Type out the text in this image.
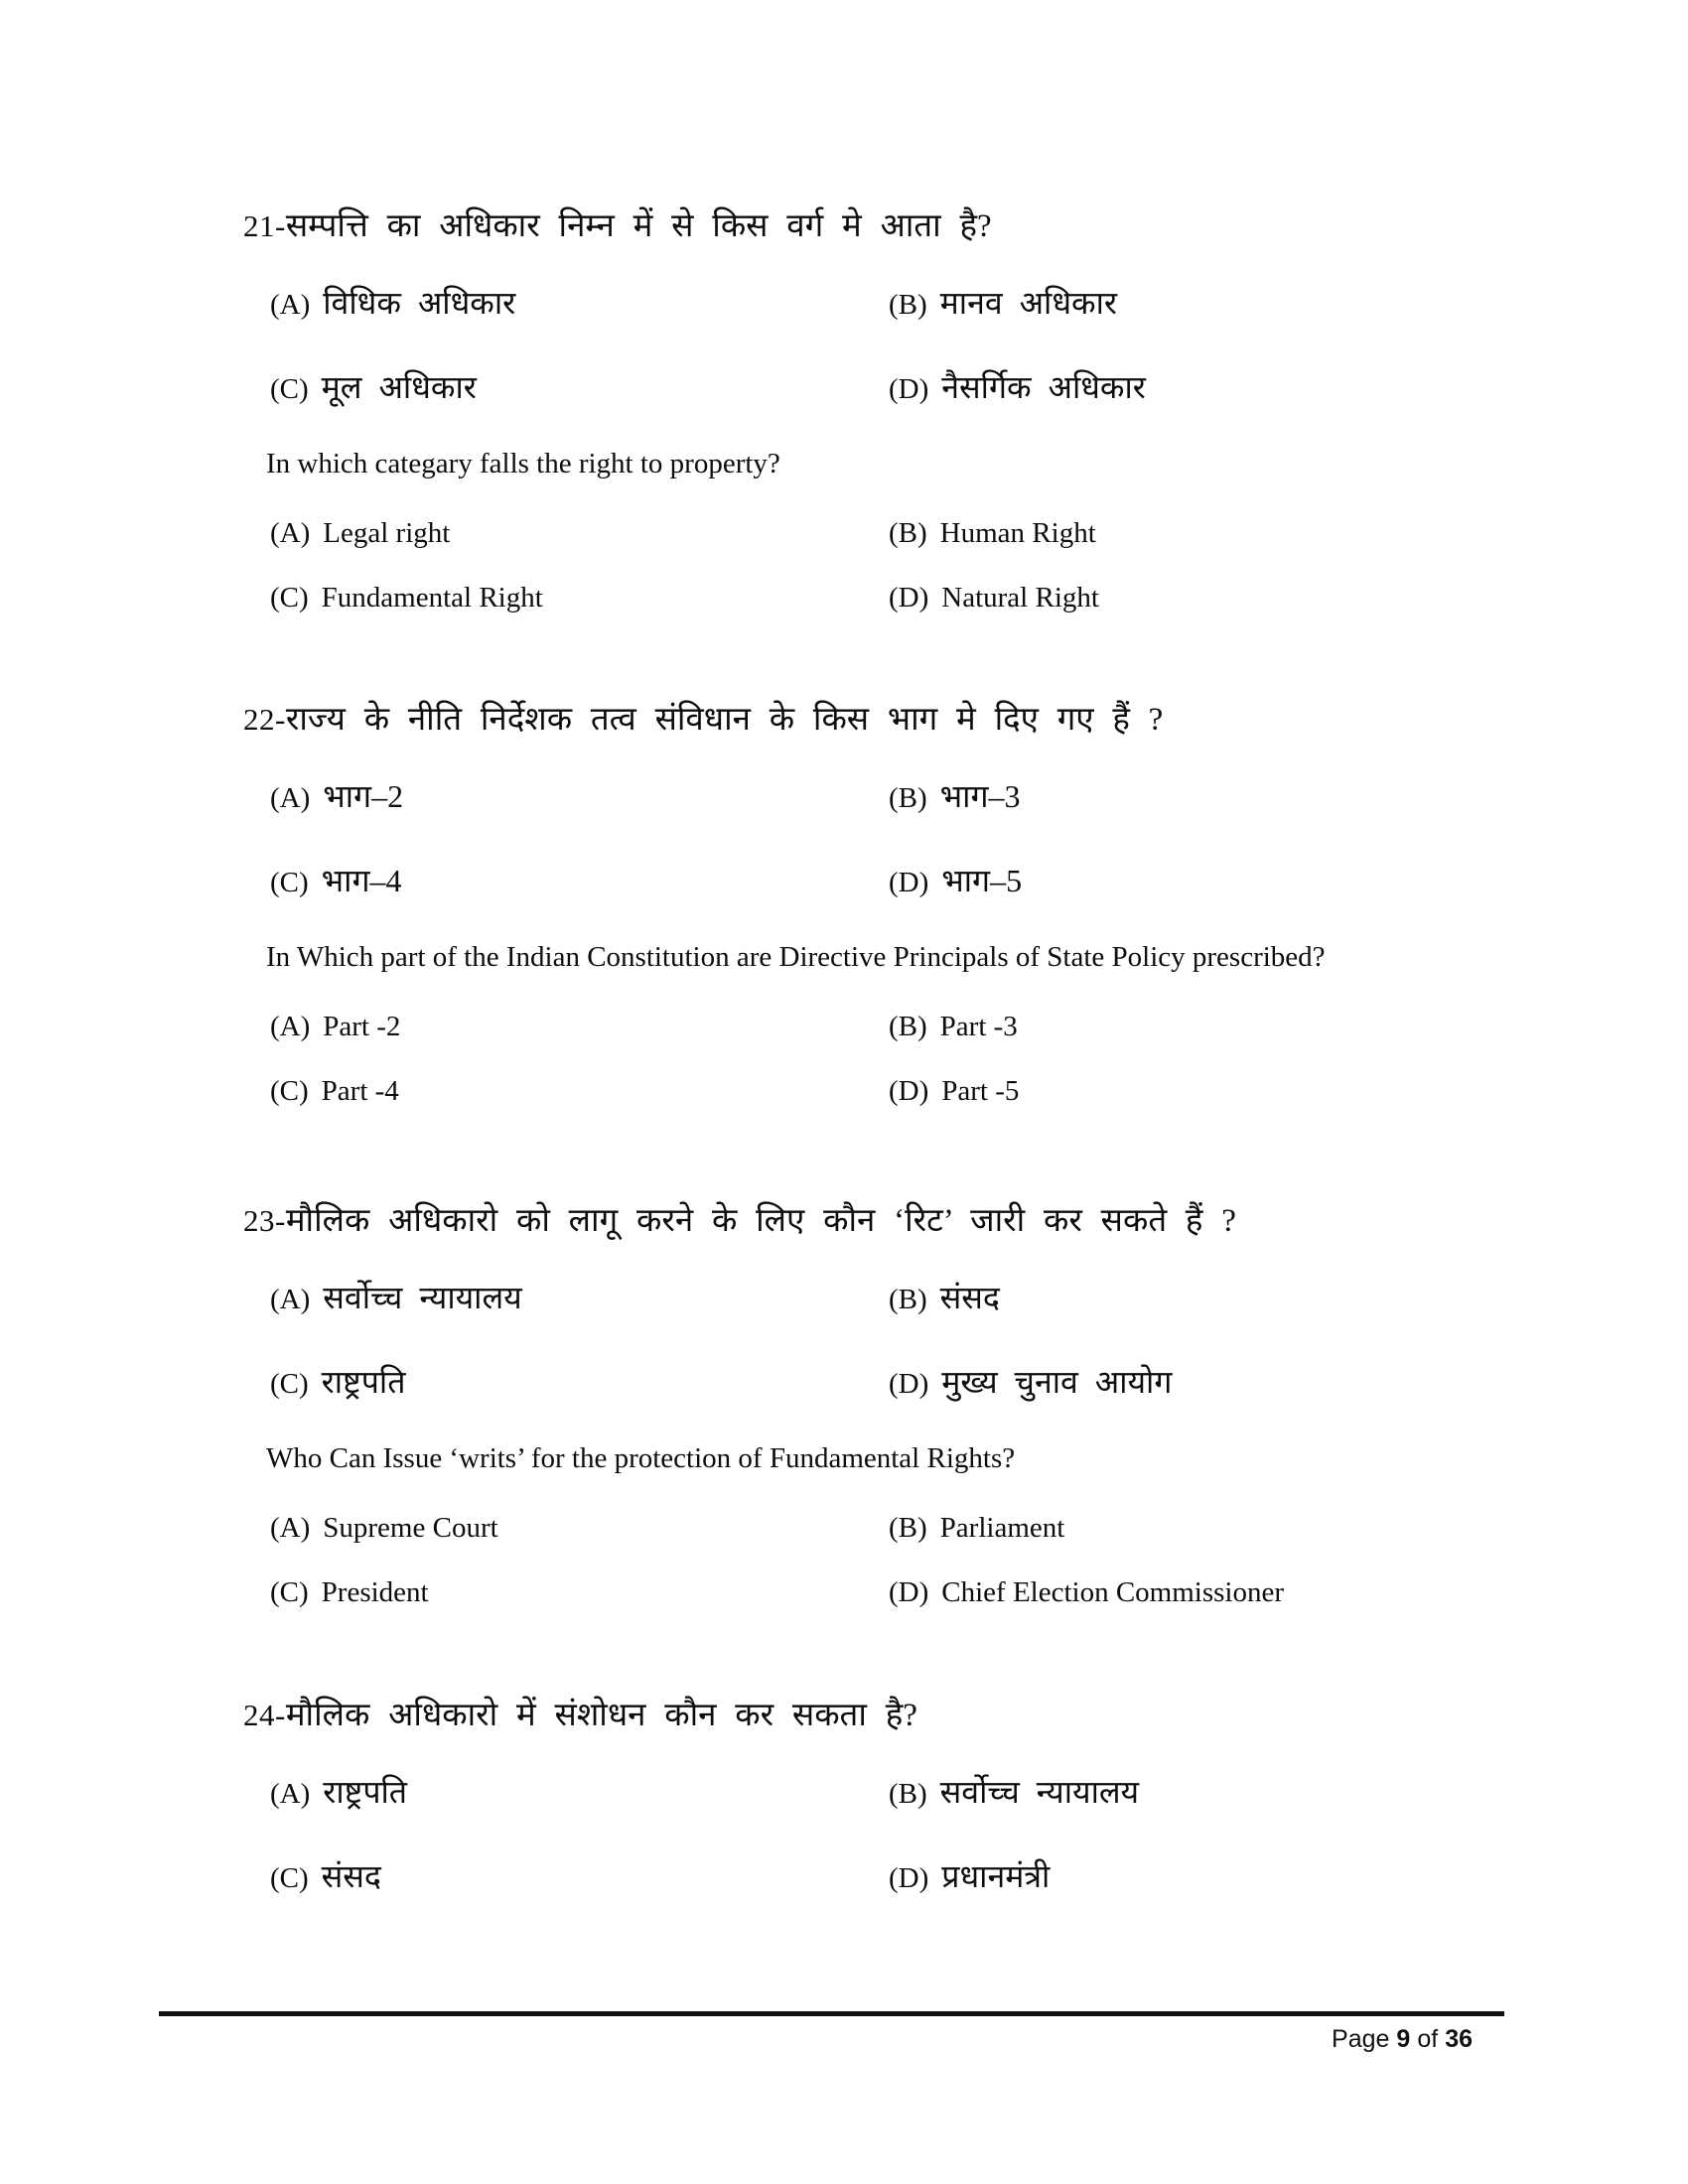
21-सम्पत्ति का अधिकार निम्न में से किस वर्ग मे आता है?
(A) विधिक अधिकार	(B) मानव अधिकार
(C) मूल अधिकार	(D) नैसर्गिक अधिकार
In which categary falls the right to property?
(A) Legal right	(B) Human Right
(C) Fundamental Right	(D) Natural Right
22-राज्य के नीति निर्देशक तत्व संविधान के किस भाग मे दिए गए हैं ?
(A) भाग–2	(B) भाग–3
(C) भाग–4	(D) भाग–5
In Which part of the Indian Constitution are Directive Principals of State Policy prescribed?
(A) Part -2	(B) Part -3
(C) Part -4	(D) Part -5
23-मौलिक अधिकारो को लागू करने के लिए कौन ‘रिट’ जारी कर सकते हैं ?
(A) सर्वोच्च न्यायालय	(B) संसद
(C) राष्ट्रपति	(D) मुख्य चुनाव आयोग
Who Can Issue ‘writs’ for the protection of Fundamental Rights?
(A) Supreme Court	(B) Parliament
(C) President	(D) Chief Election Commissioner
24-मौलिक अधिकारो में संशोधन कौन कर सकता है?
(A) राष्ट्रपति	(B) सर्वोच्च न्यायालय
(C) संसद	(D) प्रधानमंत्री
Page 9 of 36
